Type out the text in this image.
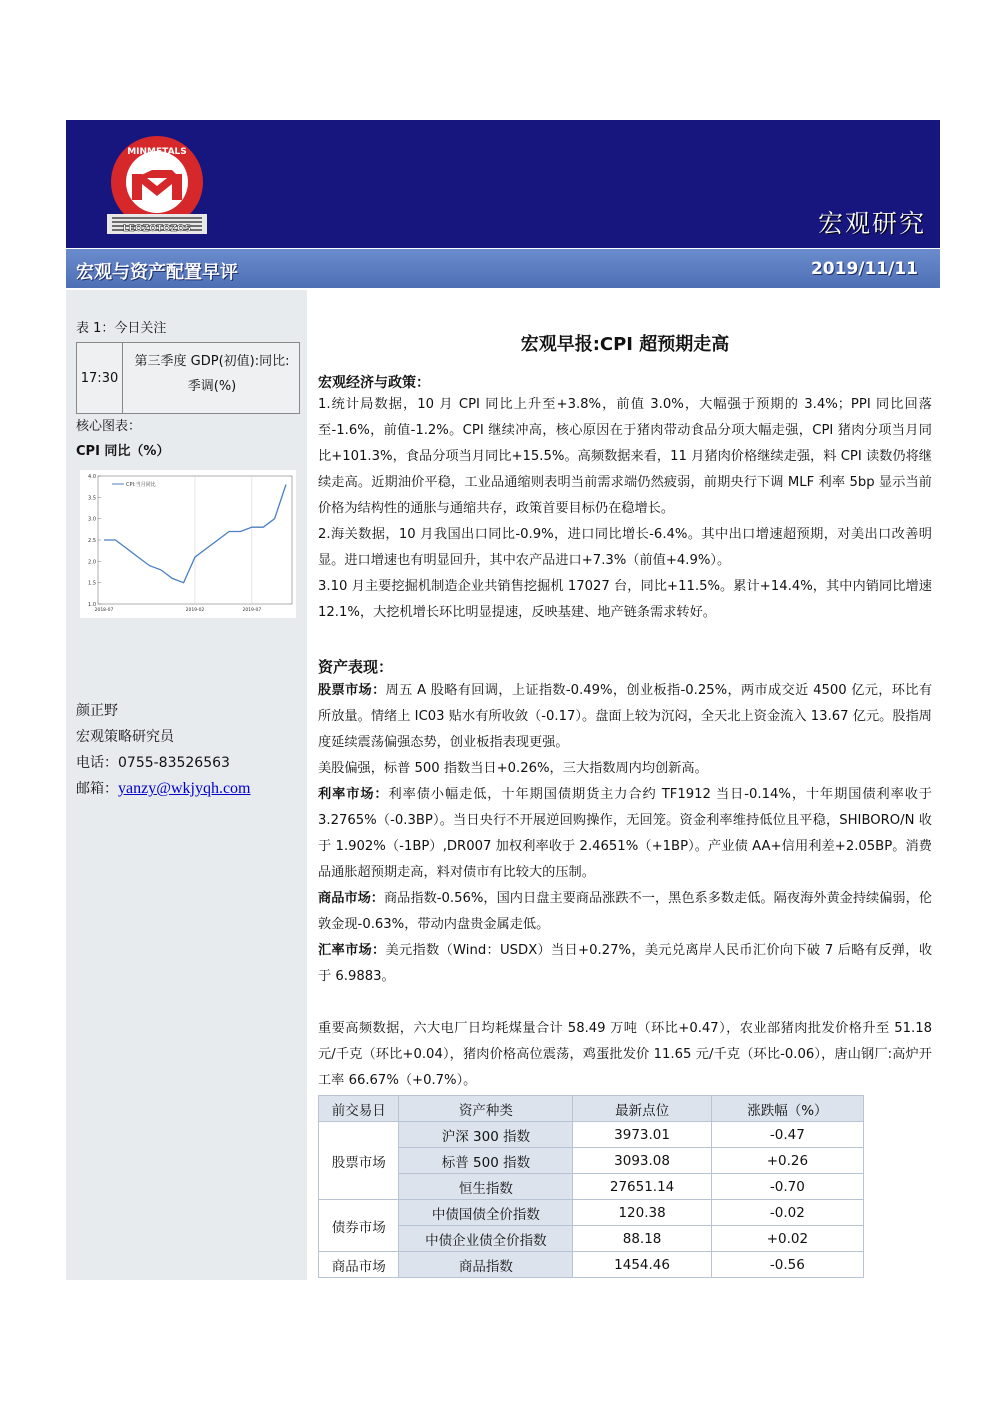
MINMETALS
LEOZOTOZOS	宏观研究
宏观与资产配置早评	2019/11/11
表 1：今日关注
17:30
第三季度 GDP(初值):同比:
季调(%)
核心图表：
CPI 同比（%）
4.0
3.5
3.0
2.5
2.0
1.5
1.0
2018-07	2019-02	2019-07
CPI:当月同比
颜正野
宏观策略研究员
电话：0755-83526563
邮箱：yanzy@wkjyqh.com
宏观早报:CPI 超预期走高
宏观经济与政策：
1.统计局数据，10 月 CPI 同比上升至+3.8%，前值 3.0%，大幅强于预期的 3.4%；PPI 同比回落至-1.6%，前值-1.2%。CPI 继续冲高，核心原因在于猪肉带动食品分项大幅走强，CPI 猪肉分项当月同比+101.3%，食品分项当月同比+15.5%。高频数据来看，11 月猪肉价格继续走强，料 CPI 读数仍将继续走高。近期油价平稳，工业品通缩则表明当前需求端仍然疲弱，前期央行下调 MLF 利率 5bp 显示当前价格为结构性的通胀与通缩共存，政策首要目标仍在稳增长。
2.海关数据，10 月我国出口同比-0.9%，进口同比增长-6.4%。其中出口增速超预期，对美出口改善明显。进口增速也有明显回升，其中农产品进口+7.3%（前值+4.9%）。
3.10 月主要挖掘机制造企业共销售挖掘机 17027 台，同比+11.5%。累计+14.4%，其中内销同比增速 12.1%，大挖机增长环比明显提速，反映基建、地产链条需求转好。
资产表现：
股票市场：周五 A 股略有回调，上证指数-0.49%，创业板指-0.25%，两市成交近 4500 亿元，环比有所放量。情绪上 IC03 贴水有所收敛（-0.17）。盘面上较为沉闷，全天北上资金流入 13.67 亿元。股指周度延续震荡偏强态势，创业板指表现更强。
美股偏强，标普 500 指数当日+0.26%，三大指数周内均创新高。
利率市场：利率债小幅走低，十年期国债期货主力合约 TF1912 当日-0.14%，十年期国债利率收于 3.2765%（-0.3BP）。当日央行不开展逆回购操作，无回笼。资金利率维持低位且平稳，SHIBORO/N 收于 1.902%（-1BP）,DR007 加权利率收于 2.4651%（+1BP）。产业债 AA+信用利差+2.05BP。消费品通胀超预期走高，料对债市有比较大的压制。
商品市场：商品指数-0.56%，国内日盘主要商品涨跌不一，黑色系多数走低。隔夜海外黄金持续偏弱，伦敦金现-0.63%，带动内盘贵金属走低。
汇率市场：美元指数（Wind：USDX）当日+0.27%，美元兑离岸人民币汇价向下破 7 后略有反弹，收于 6.9883。
重要高频数据，六大电厂日均耗煤量合计 58.49 万吨（环比+0.47），农业部猪肉批发价格升至 51.18 元/千克（环比+0.04），猪肉价格高位震荡，鸡蛋批发价 11.65 元/千克（环比-0.06），唐山钢厂:高炉开工率 66.67%（+0.7%）。
前交易日	资产种类	最新点位	涨跌幅（%）
股票市场	沪深 300 指数	3973.01	-0.47
	标普 500 指数	3093.08	+0.26
	恒生指数	27651.14	-0.70
债券市场	中债国债全价指数	120.38	-0.02
	中债企业债全价指数	88.18	+0.02
商品市场	商品指数	1454.46	-0.56
